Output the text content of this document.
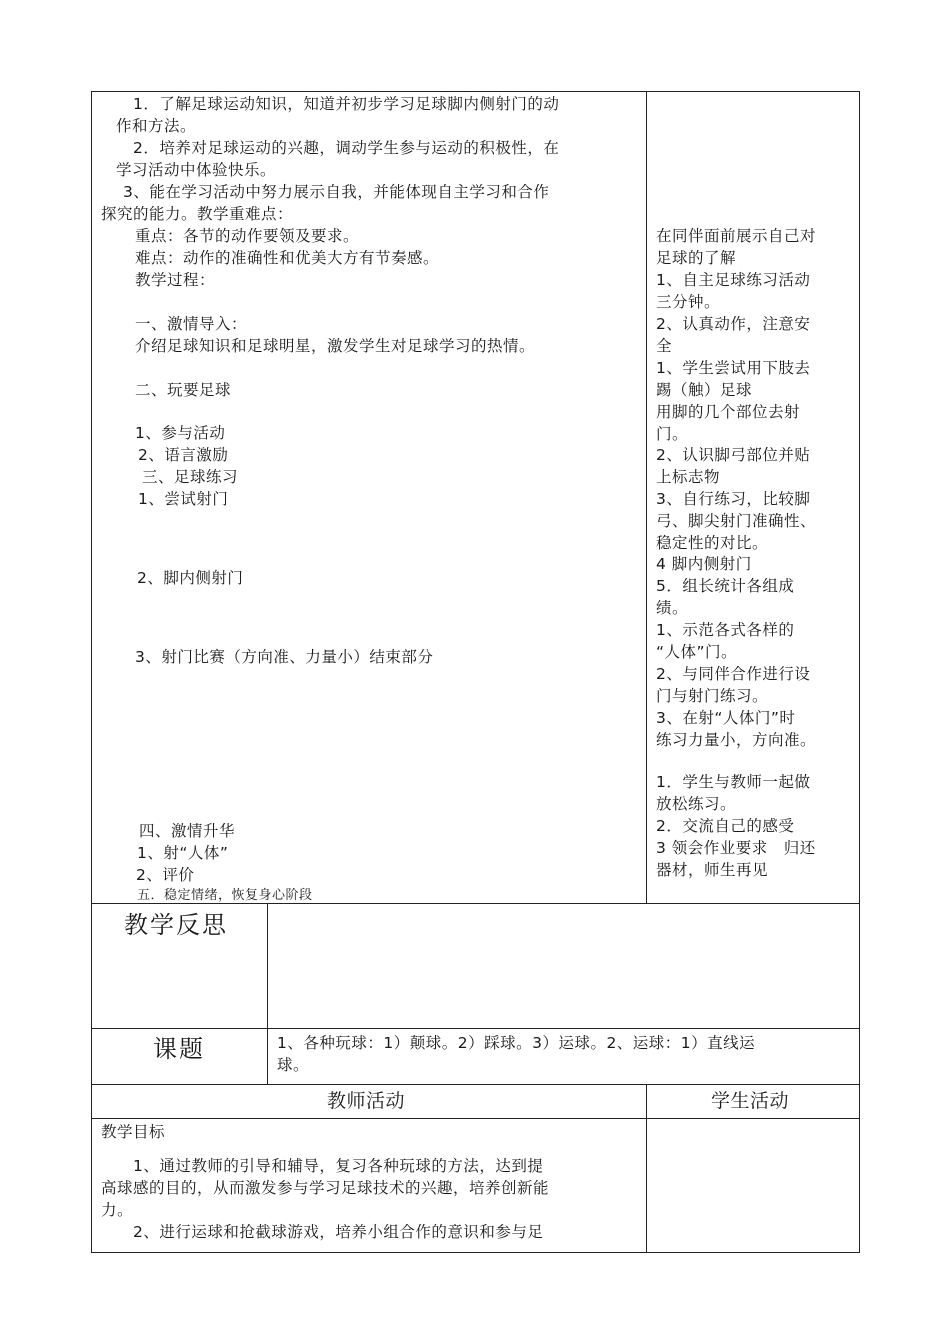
1．了解足球运动知识，知道并初步学习足球脚内侧射门的动
作和方法。
2．培养对足球运动的兴趣，调动学生参与运动的积极性，在
学习活动中体验快乐。
3、能在学习活动中努力展示自我，并能体现自主学习和合作
探究的能力。教学重难点：
重点：各节的动作要领及要求。
难点：动作的准确性和优美大方有节奏感。
教学过程：
一、激情导入：
介绍足球知识和足球明星，激发学生对足球学习的热情。
二、玩要足球
1、参与活动
2、语言激励
三、足球练习
1、尝试射门
2、脚内侧射门
3、射门比赛（方向准、力量小）结束部分
四、激情升华
1、射“人体”
2、评价
五．稳定情绪，恢复身心阶段
在同伴面前展示自己对
足球的了解
1、自主足球练习活动
三分钟。
2、认真动作，注意安
全
1、学生尝试用下肢去
踢（触）足球
用脚的几个部位去射
门。
2、认识脚弓部位并贴
上标志物
3、自行练习，比较脚
弓、脚尖射门准确性、
稳定性的对比。
4 脚内侧射门
5．组长统计各组成
绩。
1、示范各式各样的
“人体”门。
2、与同伴合作进行设
门与射门练习。
3、在射“人体门”时
练习力量小，方向准。
1．学生与教师一起做
放松练习。
2．交流自己的感受
3 领会作业要求　归还
器材，师生再见
教学反思
课题	1、各种玩球：1）颠球。2）踩球。3）运球。2、运球：1）直线运
球。
教师活动	学生活动
教学目标
1、通过教师的引导和辅导，复习各种玩球的方法，达到提
高球感的目的，从而激发参与学习足球技术的兴趣，培养创新能
力。
2、进行运球和抢截球游戏，培养小组合作的意识和参与足
